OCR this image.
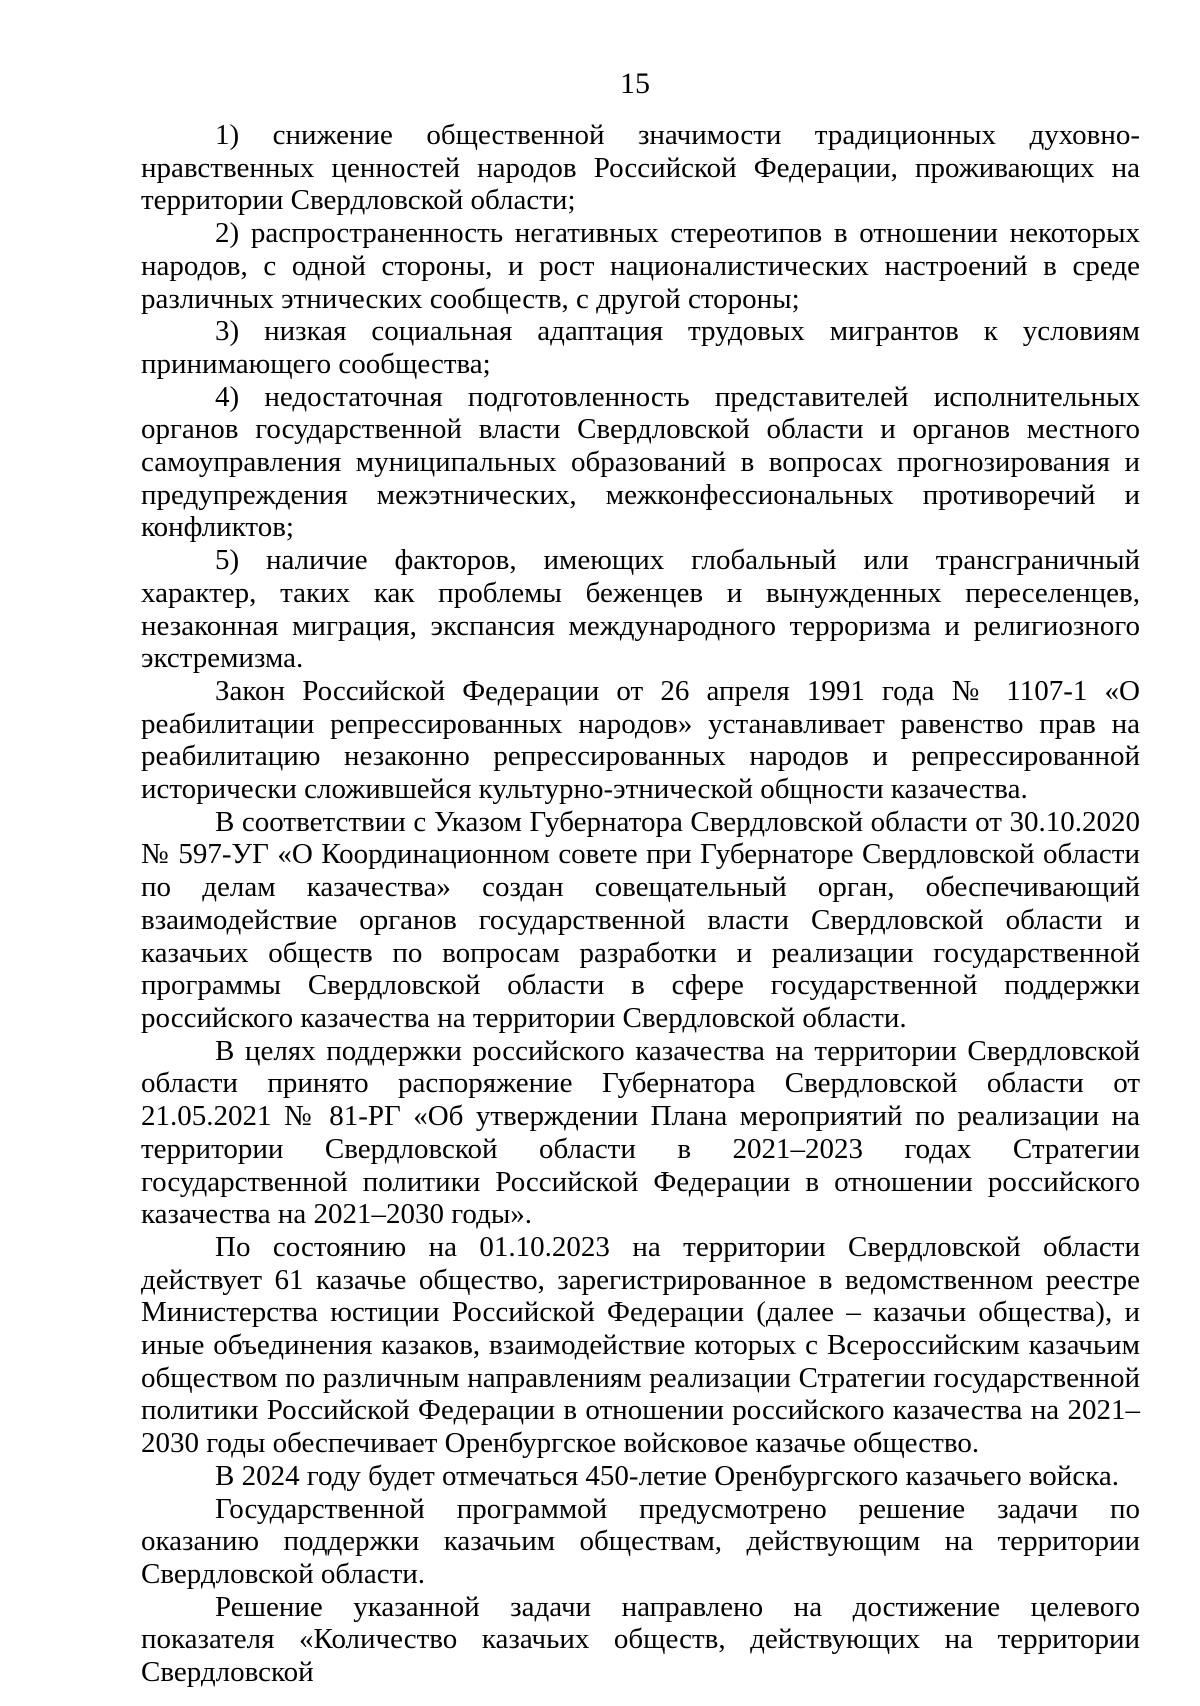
15

1) снижение общественной значимости традиционных духовно-нравственных ценностей народов Российской Федерации, проживающих на территории Свердловской области;

2) распространенность негативных стереотипов в отношении некоторых народов, с одной стороны, и рост националистических настроений в среде различных этнических сообществ, с другой стороны;

3) низкая социальная адаптация трудовых мигрантов к условиям принимающего сообщества;

4) недостаточная подготовленность представителей исполнительных органов государственной власти Свердловской области и органов местного самоуправления муниципальных образований в вопросах прогнозирования и предупреждения межэтнических, межконфессиональных противоречий и конфликтов;

5) наличие факторов, имеющих глобальный или трансграничный характер, таких как проблемы беженцев и вынужденных переселенцев, незаконная миграция, экспансия международного терроризма и религиозного экстремизма.

Закон Российской Федерации от 26 апреля 1991 года № 1107-1 «О реабилитации репрессированных народов» устанавливает равенство прав на реабилитацию незаконно репрессированных народов и репрессированной исторически сложившейся культурно-этнической общности казачества.

В соответствии с Указом Губернатора Свердловской области от 30.10.2020 № 597-УГ «О Координационном совете при Губернаторе Свердловской области по делам казачества» создан совещательный орган, обеспечивающий взаимодействие органов государственной власти Свердловской области и казачьих обществ по вопросам разработки и реализации государственной программы Свердловской области в сфере государственной поддержки российского казачества на территории Свердловской области.

В целях поддержки российского казачества на территории Свердловской области принято распоряжение Губернатора Свердловской области от 21.05.2021 № 81-РГ «Об утверждении Плана мероприятий по реализации на территории Свердловской области в 2021–2023 годах Стратегии государственной политики Российской Федерации в отношении российского казачества на 2021–2030 годы».

По состоянию на 01.10.2023 на территории Свердловской области действует 61 казачье общество, зарегистрированное в ведомственном реестре Министерства юстиции Российской Федерации (далее – казачьи общества), и иные объединения казаков, взаимодействие которых с Всероссийским казачьим обществом по различным направлениям реализации Стратегии государственной политики Российской Федерации в отношении российского казачества на 2021–2030 годы обеспечивает Оренбургское войсковое казачье общество.

В 2024 году будет отмечаться 450-летие Оренбургского казачьего войска.

Государственной программой предусмотрено решение задачи по оказанию поддержки казачьим обществам, действующим на территории Свердловской области.

Решение указанной задачи направлено на достижение целевого показателя «Количество казачьих обществ, действующих на территории Свердловской
